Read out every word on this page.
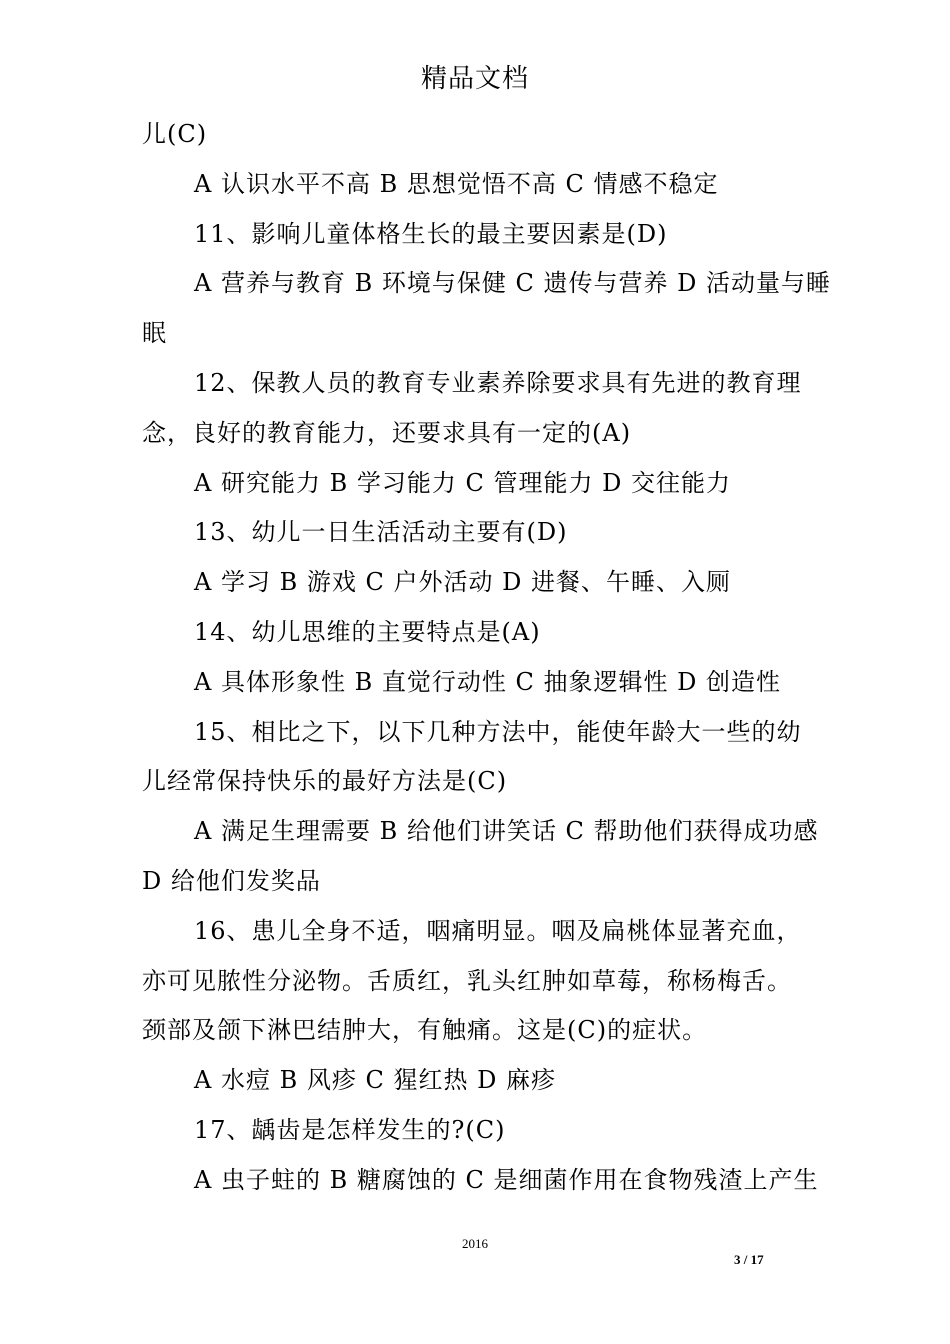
精品文档
儿(C)
A 认识水平不高 B 思想觉悟不高 C 情感不稳定
11、影响儿童体格生长的最主要因素是(D)
A 营养与教育 B 环境与保健 C 遗传与营养 D 活动量与睡
眠
12、保教人员的教育专业素养除要求具有先进的教育理
念，良好的教育能力，还要求具有一定的(A)
A 研究能力 B 学习能力 C 管理能力 D 交往能力
13、幼儿一日生活活动主要有(D)
A 学习 B 游戏 C 户外活动 D 进餐、午睡、入厕
14、幼儿思维的主要特点是(A)
A 具体形象性 B 直觉行动性 C 抽象逻辑性 D 创造性
15、相比之下，以下几种方法中，能使年龄大一些的幼
儿经常保持快乐的最好方法是(C)
A 满足生理需要 B 给他们讲笑话 C 帮助他们获得成功感
D 给他们发奖品
16、患儿全身不适，咽痛明显。咽及扁桃体显著充血，
亦可见脓性分泌物。舌质红，乳头红肿如草莓，称杨梅舌。
颈部及颌下淋巴结肿大，有触痛。这是(C)的症状。
A 水痘 B 风疹 C 猩红热 D 麻疹
17、龋齿是怎样发生的?(C)
A 虫子蛀的 B 糖腐蚀的 C 是细菌作用在食物残渣上产生
2016
3 / 17
